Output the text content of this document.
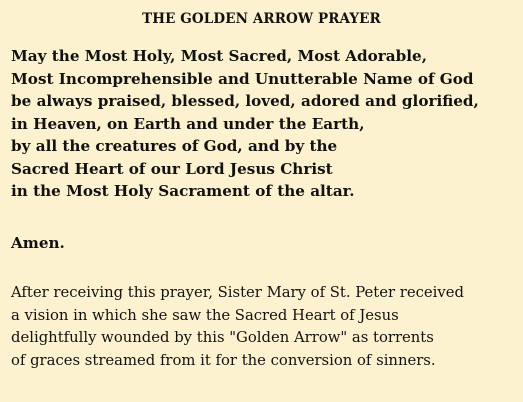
THE GOLDEN ARROW PRAYER

May the Most Holy, Most Sacred, Most Adorable,
Most Incomprehensible and Unutterable Name of God
be always praised, blessed, loved, adored and glorified,
in Heaven, on Earth and under the Earth,
by all the creatures of God, and by the
Sacred Heart of our Lord Jesus Christ
in the Most Holy Sacrament of the altar.

Amen.

After receiving this prayer, Sister Mary of St. Peter received
a vision in which she saw the Sacred Heart of Jesus
delightfully wounded by this "Golden Arrow" as torrents
of graces streamed from it for the conversion of sinners.
